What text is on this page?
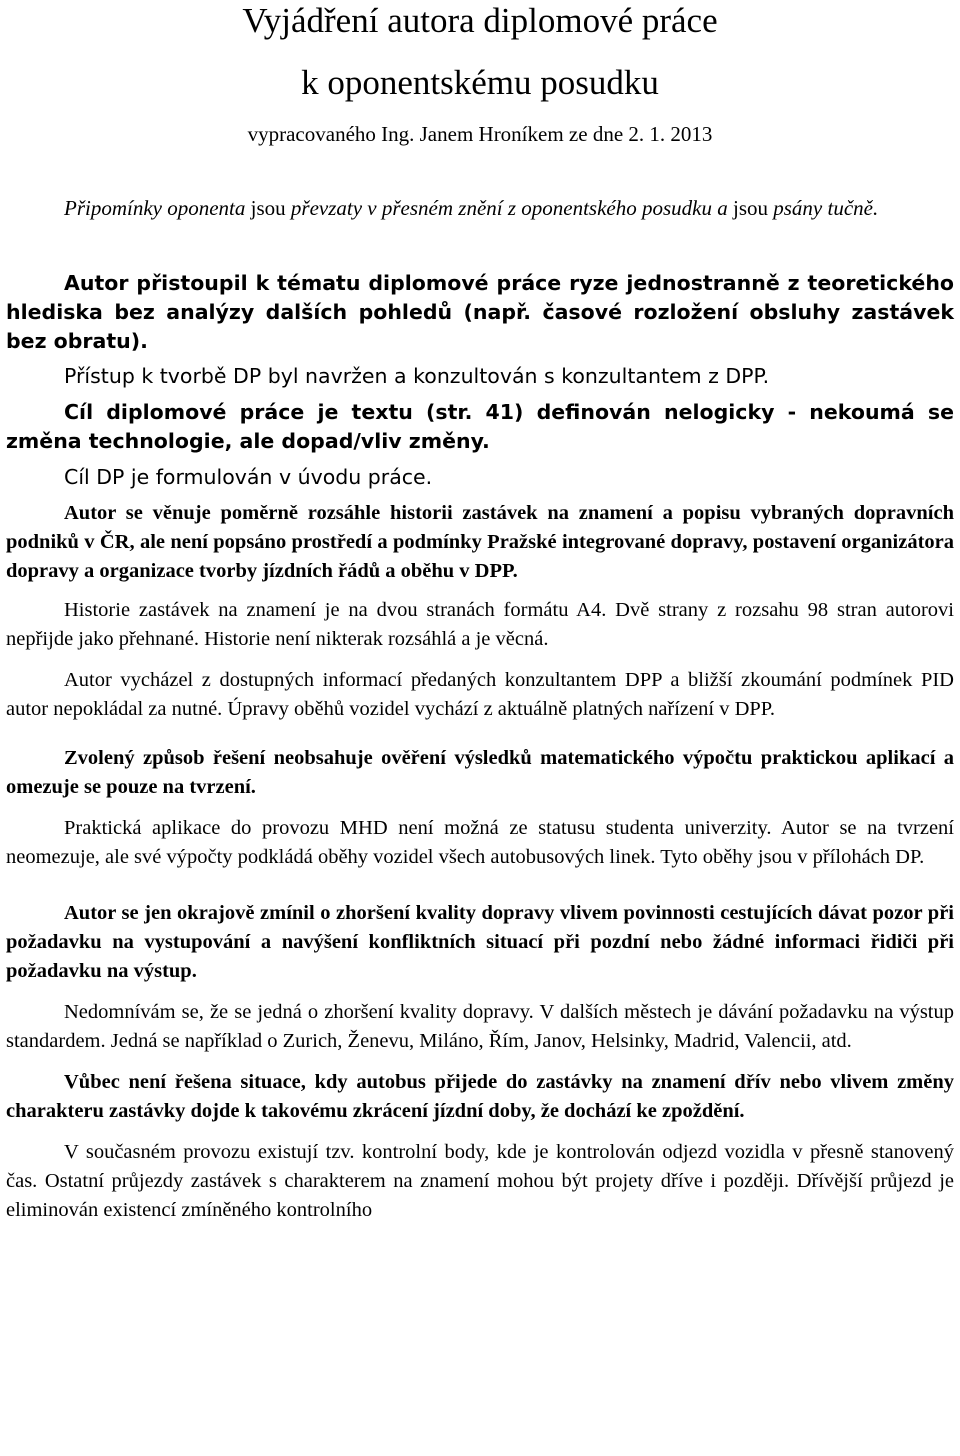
Vyjádření autora diplomové práce
k oponentskému posudku
vypracovaného Ing. Janem Hroníkem ze dne 2. 1. 2013
Připomínky oponenta jsou převzaty v přesném znění z oponentského posudku a jsou psány tučně.

Autor přistoupil k tématu diplomové práce ryze jednostranně z teoretického hlediska bez analýzy dalších pohledů (např. časové rozložení obsluhy zastávek bez obratu).

Přístup k tvorbě DP byl navržen a konzultován s konzultantem z DPP.

Cíl diplomové práce je textu (str. 41) definován nelogicky - nekoumá se změna technologie, ale dopad/vliv změny.

Cíl DP je formulován v úvodu práce.

Autor se věnuje poměrně rozsáhle historii zastávek na znamení a popisu vybraných dopravních podniků v ČR, ale není popsáno prostředí a podmínky Pražské integrované dopravy, postavení organizátora dopravy a organizace tvorby jízdních řádů a oběhu v DPP.

Historie zastávek na znamení je na dvou stranách formátu A4. Dvě strany z rozsahu 98 stran autorovi nepřijde jako přehnané. Historie není nikterak rozsáhlá a je věcná.

Autor vycházel z dostupných informací předaných konzultantem DPP a bližší zkoumání podmínek PID autor nepokládal za nutné. Úpravy oběhů vozidel vychází z aktuálně platných nařízení v DPP.

Zvolený způsob řešení neobsahuje ověření výsledků matematického výpočtu praktickou aplikací a omezuje se pouze na tvrzení.

Praktická aplikace do provozu MHD není možná ze statusu studenta univerzity. Autor se na tvrzení neomezuje, ale své výpočty podkládá oběhy vozidel všech autobusových linek. Tyto oběhy jsou v přílohách DP.

Autor se jen okrajově zmínil o zhoršení kvality dopravy vlivem povinnosti cestujících dávat pozor při požadavku na vystupování a navýšení konfliktních situací při pozdní nebo žádné informaci řidiči při požadavku na výstup.

Nedomnívám se, že se jedná o zhoršení kvality dopravy. V dalších městech je dávání požadavku na výstup standardem. Jedná se například o Zurich, Ženevu, Miláno, Řím, Janov, Helsinky, Madrid, Valencii, atd.

Vůbec není řešena situace, kdy autobus přijede do zastávky na znamení dřív nebo vlivem změny charakteru zastávky dojde k takovému zkrácení jízdní doby, že dochází ke zpoždění.

V současném provozu existují tzv. kontrolní body, kde je kontrolován odjezd vozidla v přesně stanovený čas. Ostatní průjezdy zastávek s charakterem na znamení mohou být projety dříve i později. Dřívější průjezd je eliminován existencí zmíněného kontrolního
